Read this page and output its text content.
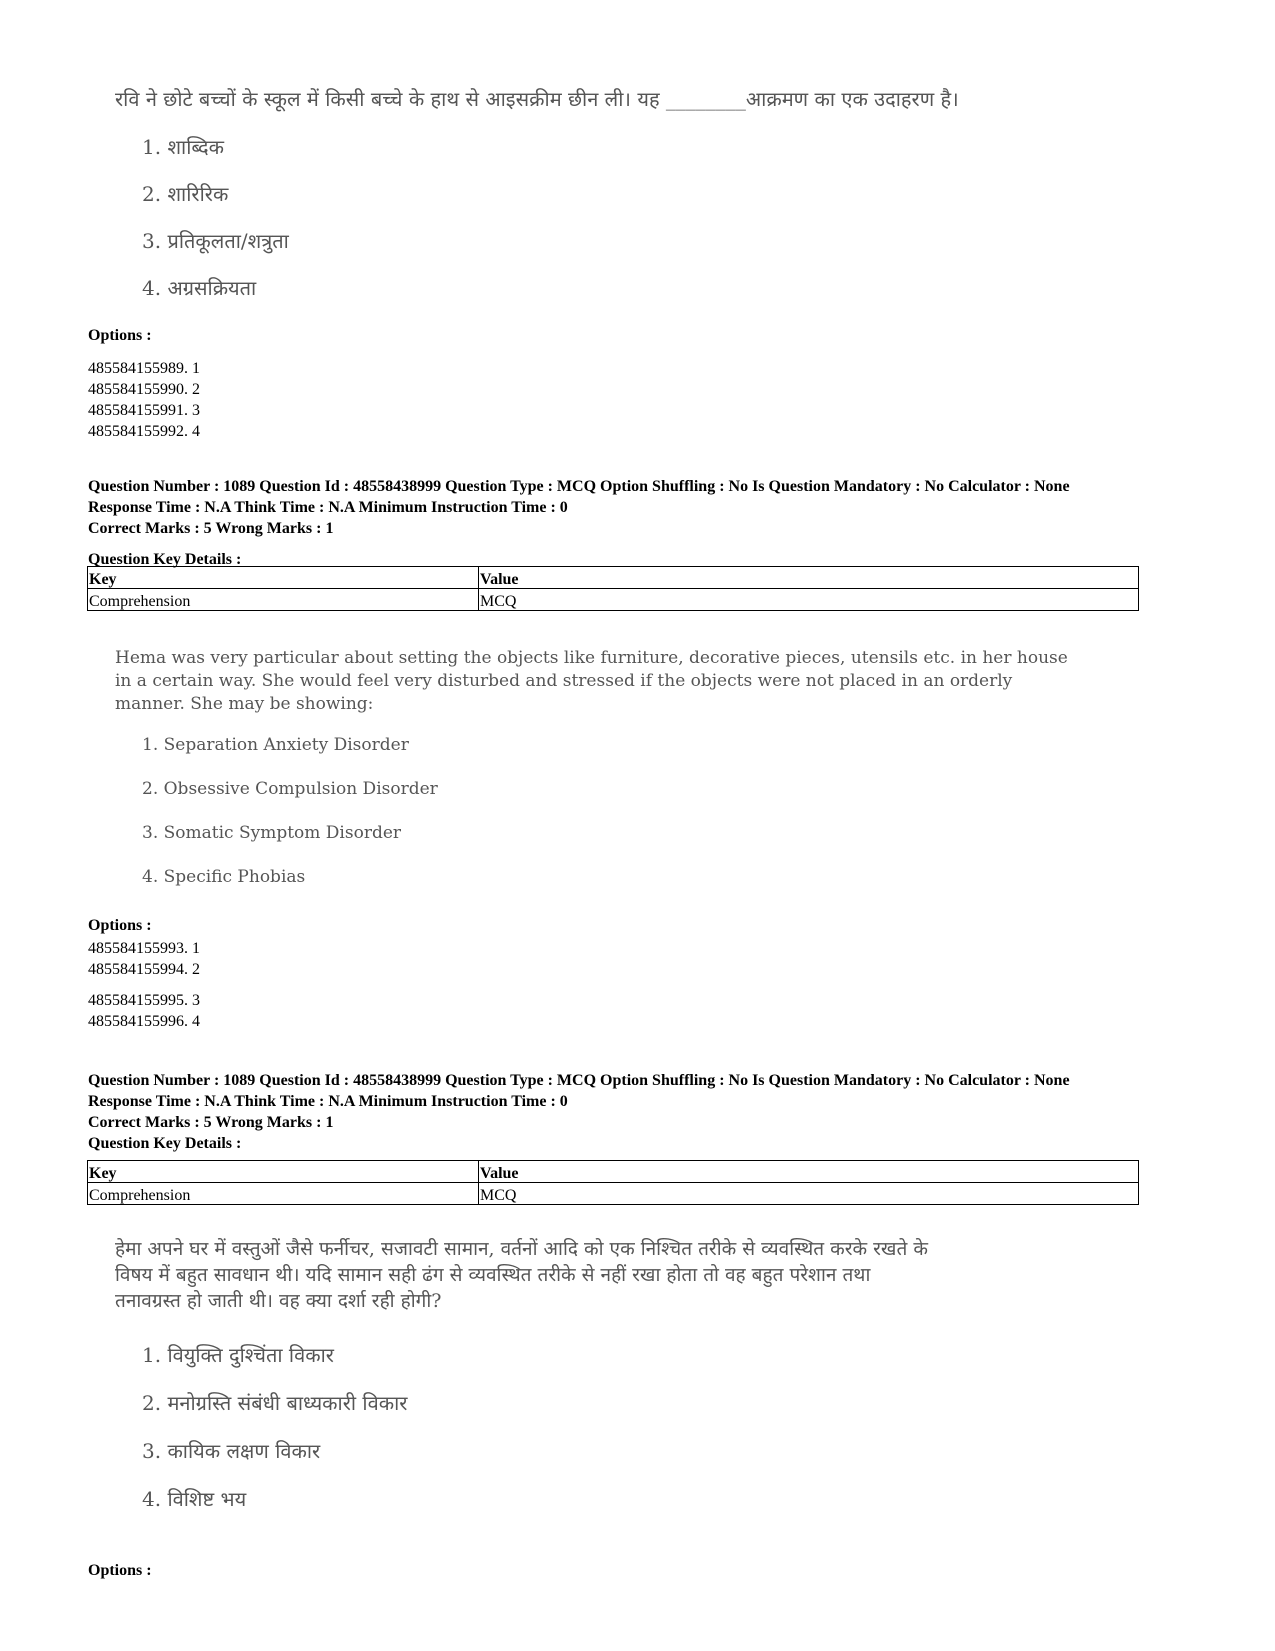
रवि ने छोटे बच्चों के स्कूल में किसी बच्चे के हाथ से आइसक्रीम छीन ली। यह ________आक्रमण का एक उदाहरण है।
1. शाब्दिक
2. शारिरिक
3. प्रतिकूलता/शत्रुता
4. अग्रसक्रियता
Options :
485584155989. 1
485584155990. 2
485584155991. 3
485584155992. 4
Question Number : 1089 Question Id : 48558438999 Question Type : MCQ Option Shuffling : No Is Question Mandatory : No Calculator : None
Response Time : N.A Think Time : N.A Minimum Instruction Time : 0
Correct Marks : 5 Wrong Marks : 1
Question Key Details :
Key	Value
Comprehension	MCQ
Hema was very particular about setting the objects like furniture, decorative pieces, utensils etc. in her house
in a certain way. She would feel very disturbed and stressed if the objects were not placed in an orderly
manner. She may be showing:
1. Separation Anxiety Disorder
2. Obsessive Compulsion Disorder
3. Somatic Symptom Disorder
4. Specific Phobias
Options :
485584155993. 1
485584155994. 2
485584155995. 3
485584155996. 4
Question Number : 1089 Question Id : 48558438999 Question Type : MCQ Option Shuffling : No Is Question Mandatory : No Calculator : None
Response Time : N.A Think Time : N.A Minimum Instruction Time : 0
Correct Marks : 5 Wrong Marks : 1
Question Key Details :
Key	Value
Comprehension	MCQ
हेमा अपने घर में वस्तुओं जैसे फर्नीचर, सजावटी सामान, वर्तनों आदि को एक निश्चित तरीके से व्यवस्थित करके रखते के
विषय में बहुत सावधान थी। यदि सामान सही ढंग से व्यवस्थित तरीके से नहीं रखा होता तो वह बहुत परेशान तथा
तनावग्रस्त हो जाती थी। वह क्या दर्शा रही होगी?
1. वियुक्ति दुश्चिंता विकार
2. मनोग्रस्ति संबंधी बाध्यकारी विकार
3. कायिक लक्षण विकार
4. विशिष्ट भय
Options :
